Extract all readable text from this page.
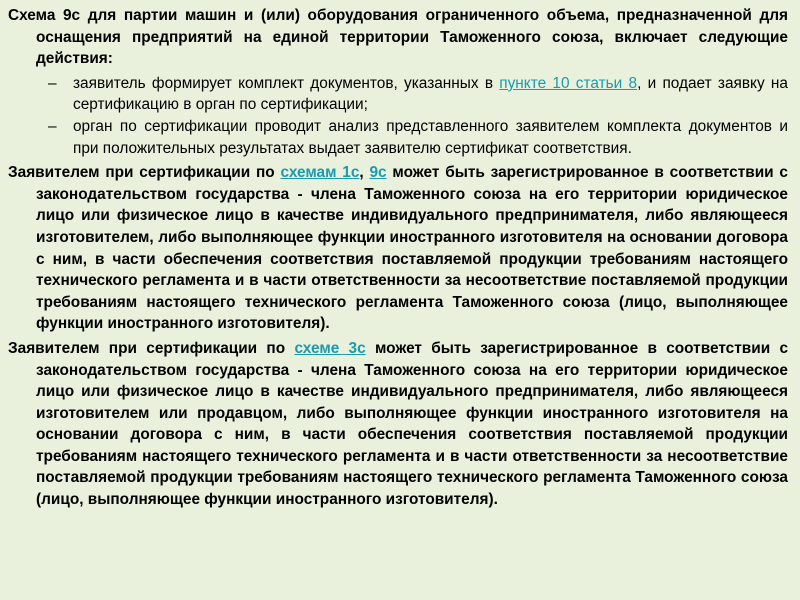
Схема 9с для партии машин и (или) оборудования ограниченного объема, предназначенной для оснащения предприятий на единой территории Таможенного союза, включает следующие действия:

– заявитель формирует комплект документов, указанных в пункте 10 статьи 8, и подает заявку на сертификацию в орган по сертификации;
– орган по сертификации проводит анализ представленного заявителем комплекта документов и при положительных результатах выдает заявителю сертификат соответствия.

Заявителем при сертификации по схемам 1с, 9с может быть зарегистрированное в соответствии с законодательством государства - члена Таможенного союза на его территории юридическое лицо или физическое лицо в качестве индивидуального предпринимателя, либо являющееся изготовителем, либо выполняющее функции иностранного изготовителя на основании договора с ним, в части обеспечения соответствия поставляемой продукции требованиям настоящего технического регламента и в части ответственности за несоответствие поставляемой продукции требованиям настоящего технического регламента Таможенного союза (лицо, выполняющее функции иностранного изготовителя).

Заявителем при сертификации по схеме 3с может быть зарегистрированное в соответствии с законодательством государства - члена Таможенного союза на его территории юридическое лицо или физическое лицо в качестве индивидуального предпринимателя, либо являющееся изготовителем или продавцом, либо выполняющее функции иностранного изготовителя на основании договора с ним, в части обеспечения соответствия поставляемой продукции требованиям настоящего технического регламента и в части ответственности за несоответствие поставляемой продукции требованиям настоящего технического регламента Таможенного союза (лицо, выполняющее функции иностранного изготовителя).
